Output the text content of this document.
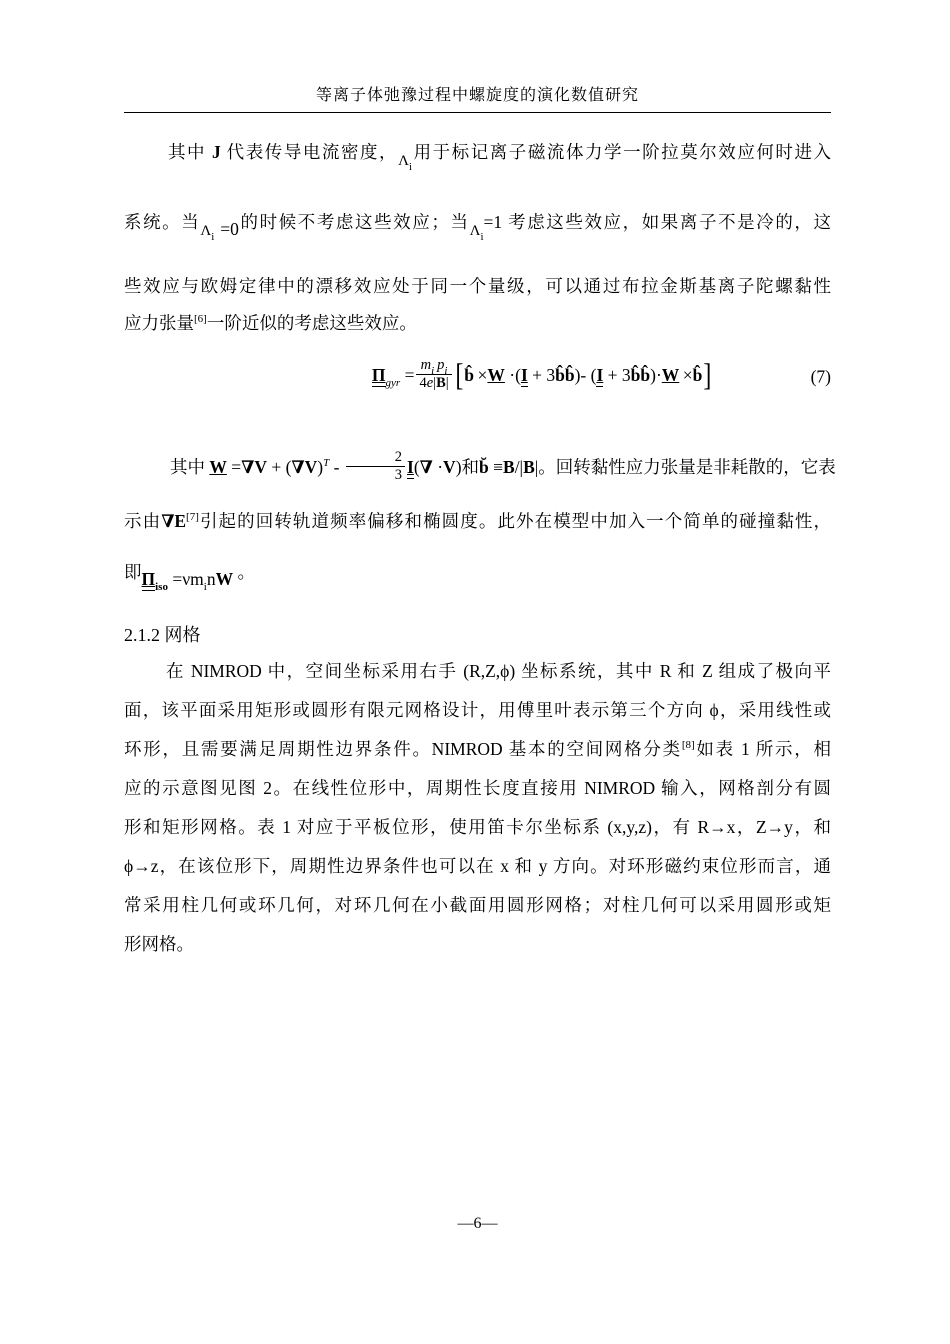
等离子体弛豫过程中螺旋度的演化数值研究
其中 J 代表传导电流密度，$\Lambda_i$用于标记离子磁流体力学一阶拉莫尔效应何时进入
系统。当$\Lambda_i =0$的时候不考虑这些效应；当$\Lambda_i=1$ 考虑这些效应，如果离子不是冷的，这
些效应与欧姆定律中的漂移效应处于同一个量级，可以通过布拉金斯基离子陀螺黏性
应力张量[6]一阶近似的考虑这些效应。
$\Pi_{gyr} = \frac{m_i p_i}{4e|B|}$ [b̂  ×W ·(I + 3b̂b̂)- (I + 3b̂b̂)·W  ×b̂]	(7)
其中 $W =\nabla V + (\nabla V)^T - \frac{2}{3} I(\nabla \cdot V)$和b̆ ≡B/|B|。回转黏性应力张量是非耗散的，它表
示由∇E[7]引起的回转轨道频率偏移和椭圆度。此外在模型中加入一个简单的碰撞黏性，
即$\Pi_{iso} =\nu m_inW$ 。
2.1.2 网格
在 NIMROD 中，空间坐标采用右手 (R,Z,ϕ) 坐标系统，其中 R 和 Z 组成了极向平
面，该平面采用矩形或圆形有限元网格设计，用傅里叶表示第三个方向 ϕ，采用线性或
环形，且需要满足周期性边界条件。NIMROD 基本的空间网格分类[8]如表 1 所示，相
应的示意图见图 2。在线性位形中，周期性长度直接用 NIMROD 输入，网格剖分有圆
形和矩形网格。表 1 对应于平板位形，使用笛卡尔坐标系 (x,y,z)，有 R→x，Z→y，和
ϕ→z，在该位形下，周期性边界条件也可以在 x 和 y 方向。对环形磁约束位形而言，通
常采用柱几何或环几何，对环几何在小截面用圆形网格；对柱几何可以采用圆形或矩
形网格。
—6—
